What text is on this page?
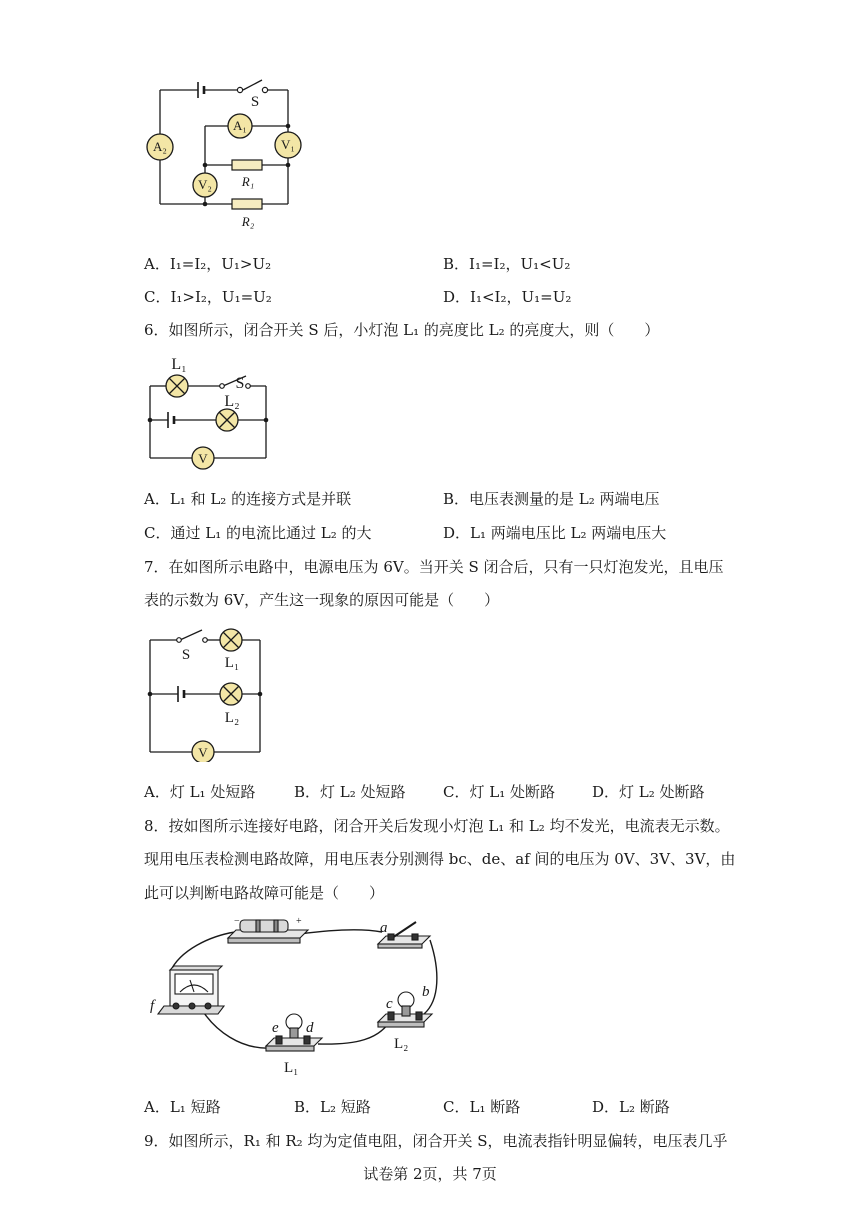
A₂
A₁
V₁
V₂
S
R₁
R₂
A．I₁=I₂，U₁>U₂	B．I₁=I₂，U₁<U₂
C．I₁>I₂，U₁=U₂	D．I₁<I₂，U₁=U₂
6．如图所示，闭合开关 S 后，小灯泡 L₁ 的亮度比 L₂ 的亮度大，则（　　）
L₁
L₂
S
V
A．L₁ 和 L₂ 的连接方式是并联	B．电压表测量的是 L₂ 两端电压
C．通过 L₁ 的电流比通过 L₂ 的大	D．L₁ 两端电压比 L₂ 两端电压大
7．在如图所示电路中，电源电压为 6V。当开关 S 闭合后，只有一只灯泡发光，且电压
表的示数为 6V，产生这一现象的原因可能是（　　）
S L₁
L₂
V
A．灯 L₁ 处短路	B．灯 L₂ 处短路 C．灯 L₁ 处断路 D．灯 L₂ 处断路
8．按如图所示连接好电路，闭合开关后发现小灯泡 L₁ 和 L₂ 均不发光，电流表无示数。
现用电压表检测电路故障，用电压表分别测得 bc、de、af 间的电压为 0V、3V、3V，由
此可以判断电路故障可能是（　　）
−	+	a
b
c
d
e
f
L₁
L₂
A．L₁ 短路	B．L₂ 短路	C．L₁ 断路	D．L₂ 断路
9．如图所示，R₁ 和 R₂ 均为定值电阻，闭合开关 S，电流表指针明显偏转，电压表几乎
试卷第 2页，共 7页
